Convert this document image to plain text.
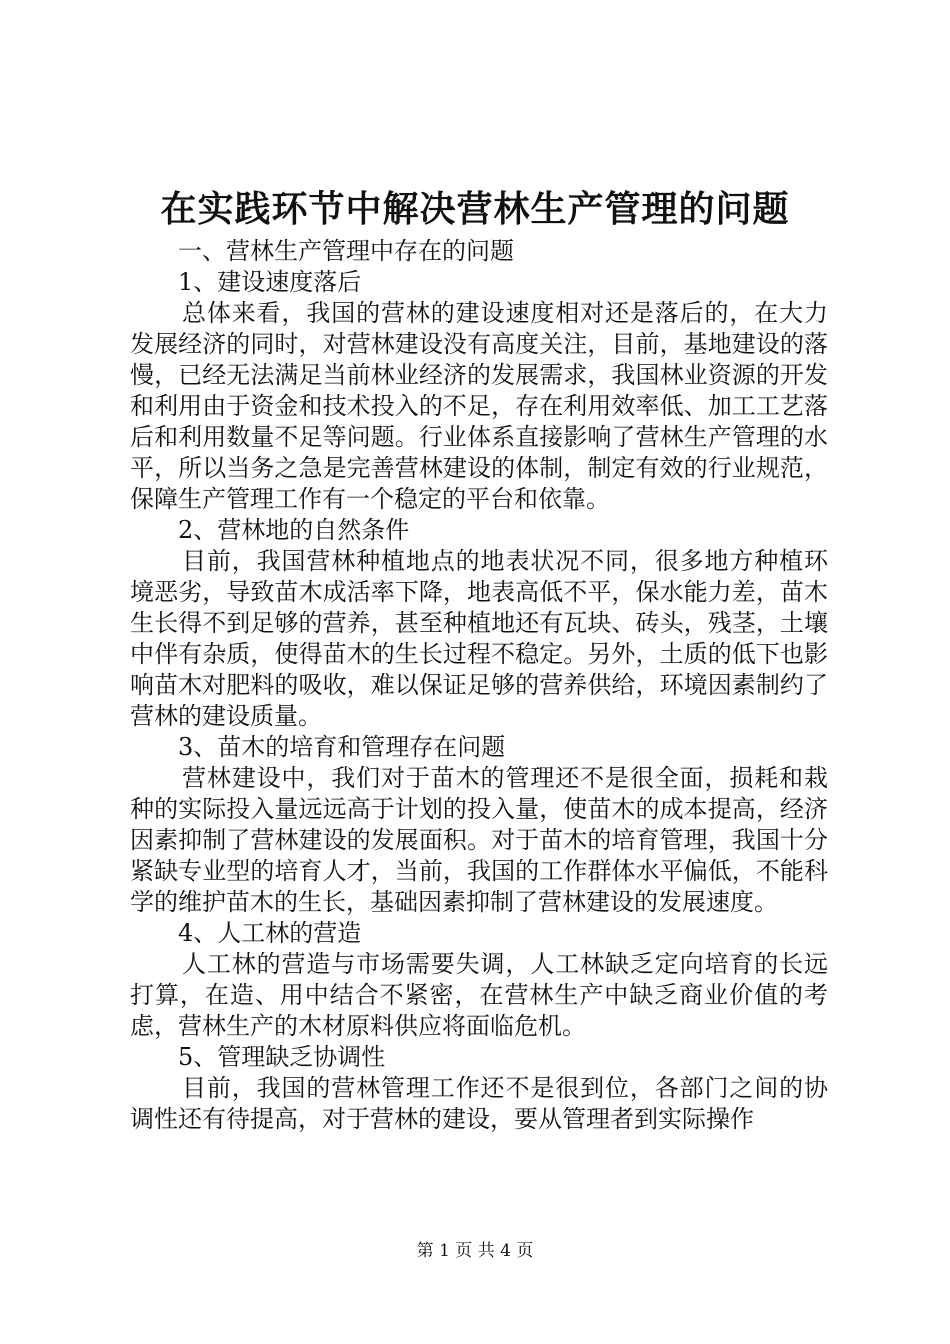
在实践环节中解决营林生产管理的问题

一、营林生产管理中存在的问题

1、建设速度落后

总体来看，我国的营林的建设速度相对还是落后的，在大力发展经济的同时，对营林建设没有高度关注，目前，基地建设的落慢，已经无法满足当前林业经济的发展需求，我国林业资源的开发和利用由于资金和技术投入的不足，存在利用效率低、加工工艺落后和利用数量不足等问题。行业体系直接影响了营林生产管理的水平，所以当务之急是完善营林建设的体制，制定有效的行业规范，保障生产管理工作有一个稳定的平台和依靠。

2、营林地的自然条件

目前，我国营林种植地点的地表状况不同，很多地方种植环境恶劣，导致苗木成活率下降，地表高低不平，保水能力差，苗木生长得不到足够的营养，甚至种植地还有瓦块、砖头，残茎，土壤中伴有杂质，使得苗木的生长过程不稳定。另外，土质的低下也影响苗木对肥料的吸收，难以保证足够的营养供给，环境因素制约了营林的建设质量。

3、苗木的培育和管理存在问题

营林建设中，我们对于苗木的管理还不是很全面，损耗和栽种的实际投入量远远高于计划的投入量，使苗木的成本提高，经济因素抑制了营林建设的发展面积。对于苗木的培育管理，我国十分紧缺专业型的培育人才，当前，我国的工作群体水平偏低，不能科学的维护苗木的生长，基础因素抑制了营林建设的发展速度。

4、人工林的营造

人工林的营造与市场需要失调，人工林缺乏定向培育的长远打算，在造、用中结合不紧密，在营林生产中缺乏商业价值的考虑，营林生产的木材原料供应将面临危机。

5、管理缺乏协调性

目前，我国的营林管理工作还不是很到位，各部门之间的协调性还有待提高，对于营林的建设，要从管理者到实际操作

第 1 页 共 4 页
